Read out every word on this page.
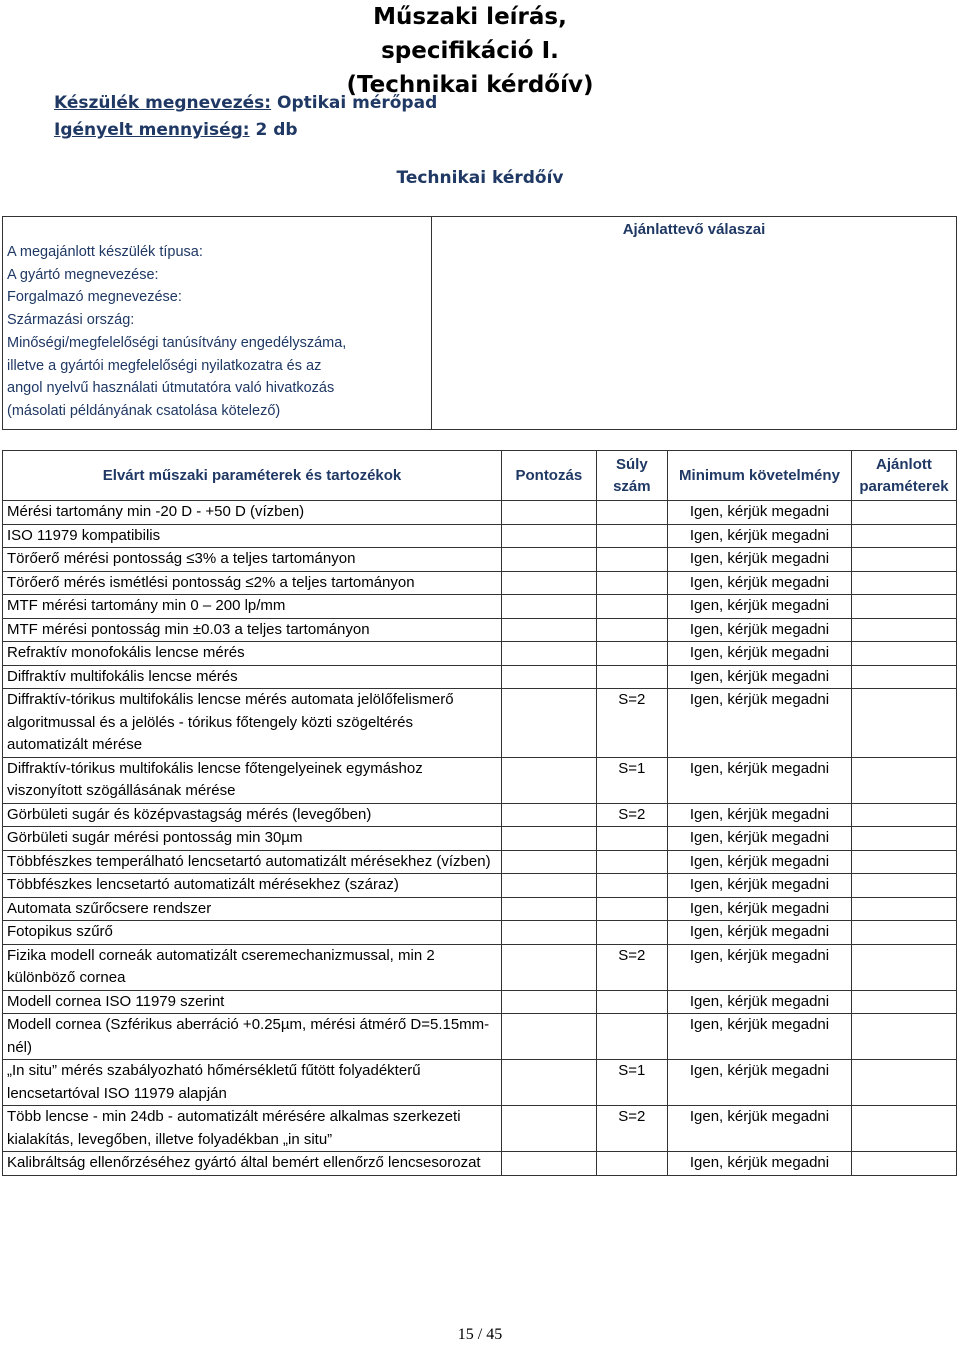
Műszaki leírás, specifikáció I.
(Technikai kérdőív)
Készülék megnevezés: Optikai mérőpad
Igényelt mennyiség: 2 db
Technikai kérdőív
A megajánlott készülék típusa:
A gyártó megnevezése:
Forgalmazó megnevezése:
Származási ország:
Minőségi/megfelelőségi tanúsítvány engedélyszáma,
illetve a gyártói megfelelőségi nyilatkozatra és az
angol nyelvű használati útmutatóra való hivatkozás
(másolati példányának csatolása kötelező)
	Ajánlattevő válaszai
Elvárt műszaki paraméterek és tartozékok	Pontozás	Súly szám	Minimum követelmény	Ajánlott paraméterek
Mérési tartomány min -20 D - +50 D (vízben)			Igen, kérjük megadni	
ISO 11979 kompatibilis			Igen, kérjük megadni	
Törőerő mérési pontosság ≤3% a teljes tartományon			Igen, kérjük megadni	
Törőerő mérés ismétlési pontosság ≤2% a teljes tartományon			Igen, kérjük megadni	
MTF mérési tartomány min 0 – 200 lp/mm			Igen, kérjük megadni	
MTF mérési pontosság min ±0.03 a teljes tartományon			Igen, kérjük megadni	
Refraktív monofokális lencse mérés			Igen, kérjük megadni	
Diffraktív multifokális lencse mérés			Igen, kérjük megadni	
Diffraktív-tórikus multifokális lencse mérés automata jelölőfelismerő algoritmussal és a jelölés - tórikus főtengely közti szögeltérés automatizált mérése		S=2	Igen, kérjük megadni	
Diffraktív-tórikus multifokális lencse főtengelyeinek egymáshoz viszonyított szögállásának mérése		S=1	Igen, kérjük megadni	
Görbületi sugár és középvastagság mérés (levegőben)		S=2	Igen, kérjük megadni	
Görbületi sugár mérési pontosság min 30µm			Igen, kérjük megadni	
Többfészkes temperálható lencsetartó automatizált mérésekhez (vízben)			Igen, kérjük megadni	
Többfészkes lencsetartó automatizált mérésekhez (száraz)			Igen, kérjük megadni	
Automata szűrőcsere rendszer			Igen, kérjük megadni	
Fotopikus szűrő			Igen, kérjük megadni	
Fizika modell corneák automatizált cseremechanizmussal, min 2 különböző cornea		S=2	Igen, kérjük megadni	
Modell cornea ISO 11979 szerint			Igen, kérjük megadni	
Modell cornea (Szférikus aberráció +0.25µm, mérési átmérő D=5.15mm-nél)			Igen, kérjük megadni	
„In situ” mérés szabályozható hőmérsékletű fűtött folyadékterű lencsetartóval ISO 11979 alapján		S=1	Igen, kérjük megadni	
Több lencse - min 24db - automatizált mérésére alkalmas szerkezeti kialakítás, levegőben, illetve folyadékban „in situ”		S=2	Igen, kérjük megadni	
Kalibráltság ellenőrzéséhez gyártó által bemért ellenőrző lencsesorozat			Igen, kérjük megadni	
15 / 45
